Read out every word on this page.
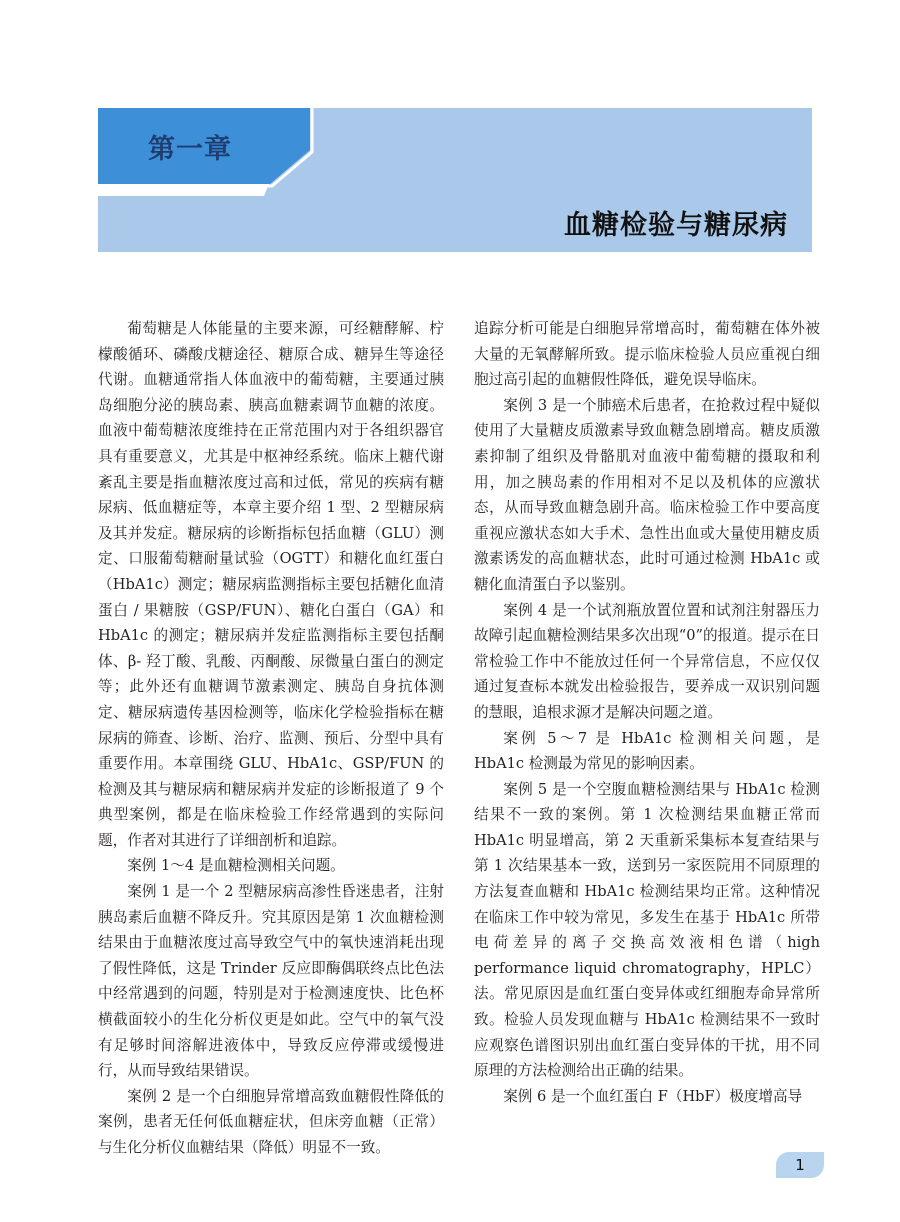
第一章
血糖检验与糖尿病

葡萄糖是人体能量的主要来源，可经糖酵解、柠檬酸循环、磷酸戊糖途径、糖原合成、糖异生等途径代谢。血糖通常指人体血液中的葡萄糖，主要通过胰岛细胞分泌的胰岛素、胰高血糖素调节血糖的浓度。血液中葡萄糖浓度维持在正常范围内对于各组织器官具有重要意义，尤其是中枢神经系统。临床上糖代谢紊乱主要是指血糖浓度过高和过低，常见的疾病有糖尿病、低血糖症等，本章主要介绍 1 型、2 型糖尿病及其并发症。糖尿病的诊断指标包括血糖（GLU）测定、口服葡萄糖耐量试验（OGTT）和糖化血红蛋白（HbA1c）测定；糖尿病监测指标主要包括糖化血清蛋白 / 果糖胺（GSP/FUN）、糖化白蛋白（GA）和 HbA1c 的测定；糖尿病并发症监测指标主要包括酮体、β- 羟丁酸、乳酸、丙酮酸、尿微量白蛋白的测定等；此外还有血糖调节激素测定、胰岛自身抗体测定、糖尿病遗传基因检测等，临床化学检验指标在糖尿病的筛查、诊断、治疗、监测、预后、分型中具有重要作用。本章围绕 GLU、HbA1c、GSP/FUN 的检测及其与糖尿病和糖尿病并发症的诊断报道了 9 个典型案例，都是在临床检验工作经常遇到的实际问题，作者对其进行了详细剖析和追踪。

案例 1～4 是血糖检测相关问题。

案例 1 是一个 2 型糖尿病高渗性昏迷患者，注射胰岛素后血糖不降反升。究其原因是第 1 次血糖检测结果由于血糖浓度过高导致空气中的氧快速消耗出现了假性降低，这是 Trinder 反应即酶偶联终点比色法中经常遇到的问题，特别是对于检测速度快、比色杯横截面较小的生化分析仪更是如此。空气中的氧气没有足够时间溶解进液体中，导致反应停滞或缓慢进行，从而导致结果错误。

案例 2 是一个白细胞异常增高致血糖假性降低的案例，患者无任何低血糖症状，但床旁血糖（正常）与生化分析仪血糖结果（降低）明显不一致。

追踪分析可能是白细胞异常增高时，葡萄糖在体外被大量的无氧酵解所致。提示临床检验人员应重视白细胞过高引起的血糖假性降低，避免误导临床。

案例 3 是一个肺癌术后患者，在抢救过程中疑似使用了大量糖皮质激素导致血糖急剧增高。糖皮质激素抑制了组织及骨骼肌对血液中葡萄糖的摄取和利用，加之胰岛素的作用相对不足以及机体的应激状态，从而导致血糖急剧升高。临床检验工作中要高度重视应激状态如大手术、急性出血或大量使用糖皮质激素诱发的高血糖状态，此时可通过检测 HbA1c 或糖化血清蛋白予以鉴别。

案例 4 是一个试剂瓶放置位置和试剂注射器压力故障引起血糖检测结果多次出现“0”的报道。提示在日常检验工作中不能放过任何一个异常信息，不应仅仅通过复查标本就发出检验报告，要养成一双识别问题的慧眼，追根求源才是解决问题之道。

案例 5～7 是 HbA1c 检测相关问题，是 HbA1c 检测最为常见的影响因素。

案例 5 是一个空腹血糖检测结果与 HbA1c 检测结果不一致的案例。第 1 次检测结果血糖正常而 HbA1c 明显增高，第 2 天重新采集标本复查结果与第 1 次结果基本一致，送到另一家医院用不同原理的方法复查血糖和 HbA1c 检测结果均正常。这种情况在临床工作中较为常见，多发生在基于 HbA1c 所带电荷差异的离子交换高效液相色谱（high performance liquid chromatography，HPLC）法。常见原因是血红蛋白变异体或红细胞寿命异常所致。检验人员发现血糖与 HbA1c 检测结果不一致时应观察色谱图识别出血红蛋白变异体的干扰，用不同原理的方法检测给出正确的结果。

案例 6 是一个血红蛋白 F（HbF）极度增高导

1
